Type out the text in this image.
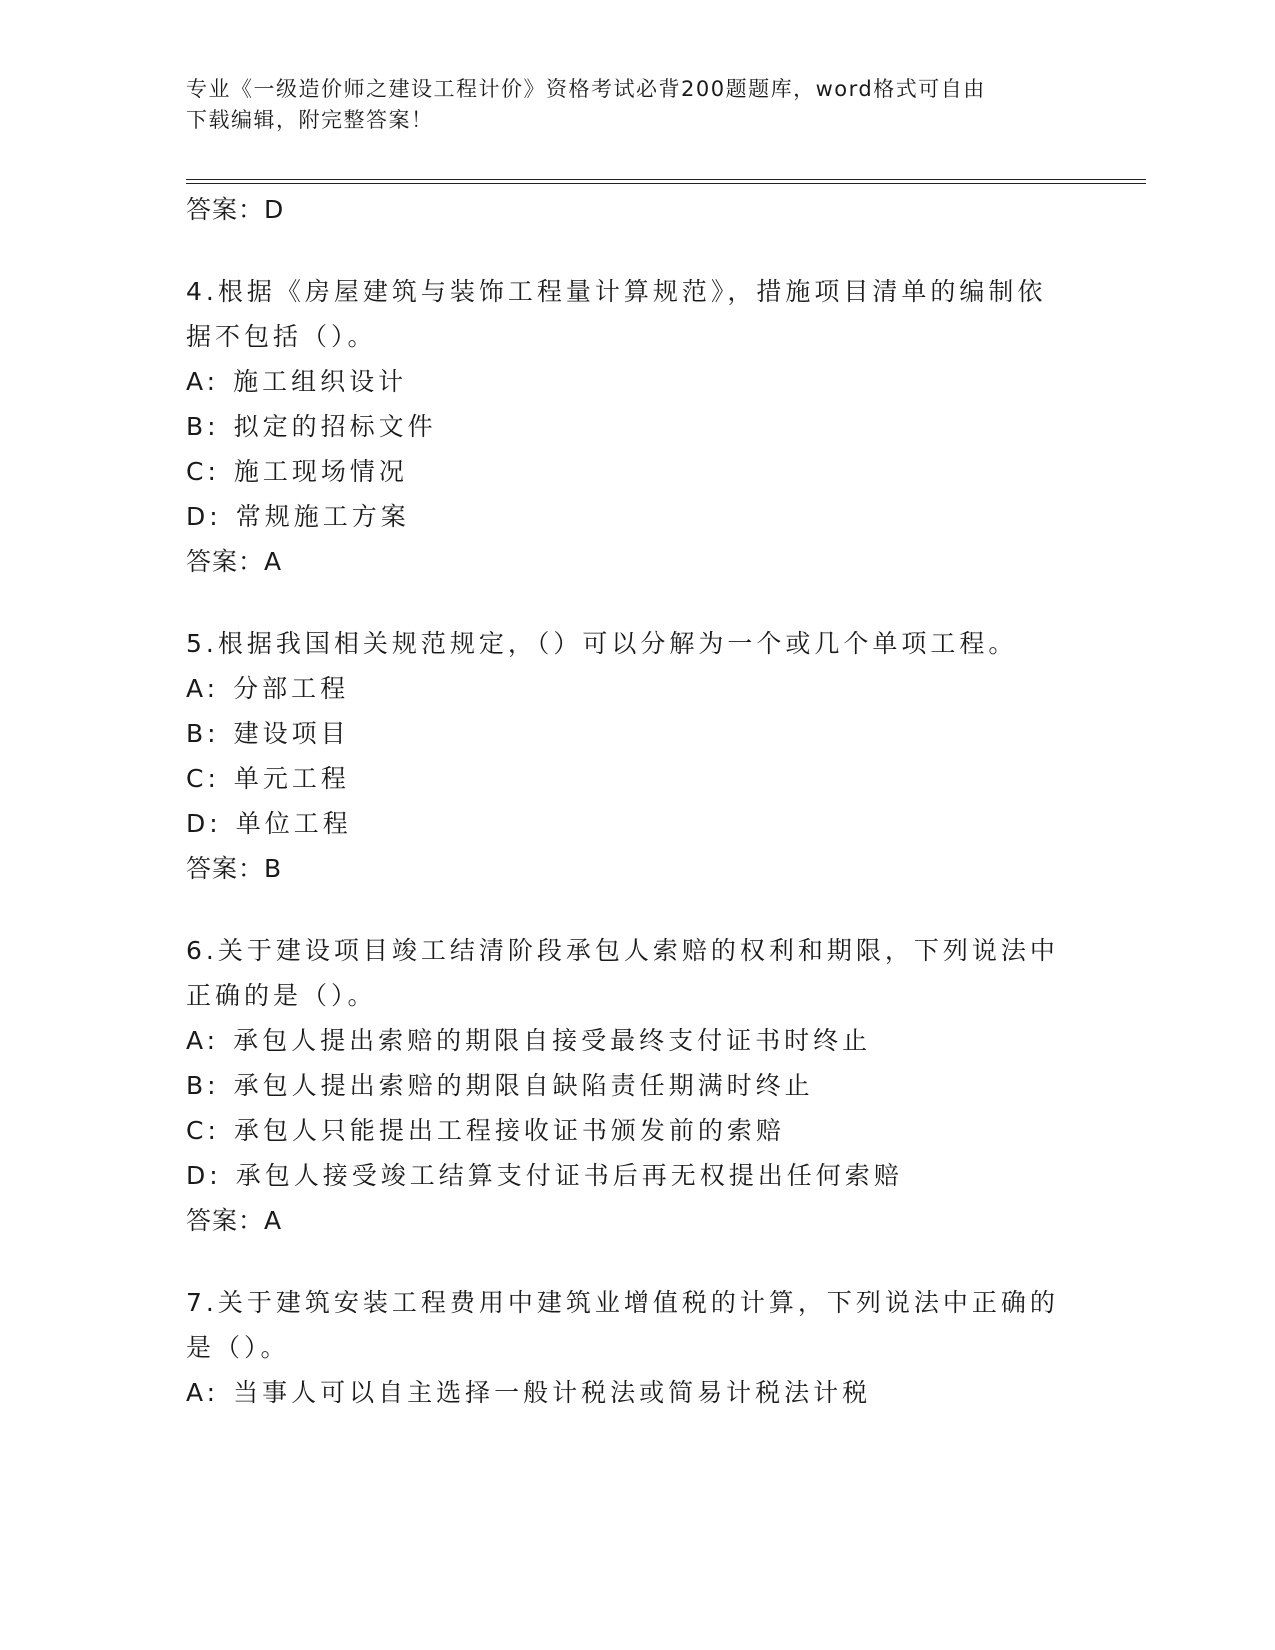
专业《一级造价师之建设工程计价》资格考试必背200题题库，word格式可自由
下载编辑，附完整答案！
答案：D

4.根据《房屋建筑与装饰工程量计算规范》，措施项目清单的编制依

据不包括（）。

A: 施工组织设计

B: 拟定的招标文件

C: 施工现场情况

D: 常规施工方案

答案：A

5.根据我国相关规范规定，（）可以分解为一个或几个单项工程。

A: 分部工程

B: 建设项目

C: 单元工程

D: 单位工程

答案：B

6.关于建设项目竣工结清阶段承包人索赔的权利和期限，下列说法中

正确的是（）。

A: 承包人提出索赔的期限自接受最终支付证书时终止

B: 承包人提出索赔的期限自缺陷责任期满时终止

C: 承包人只能提出工程接收证书颁发前的索赔

D: 承包人接受竣工结算支付证书后再无权提出任何索赔

答案：A

7.关于建筑安装工程费用中建筑业增值税的计算，下列说法中正确的

是（）。

A: 当事人可以自主选择一般计税法或简易计税法计税
